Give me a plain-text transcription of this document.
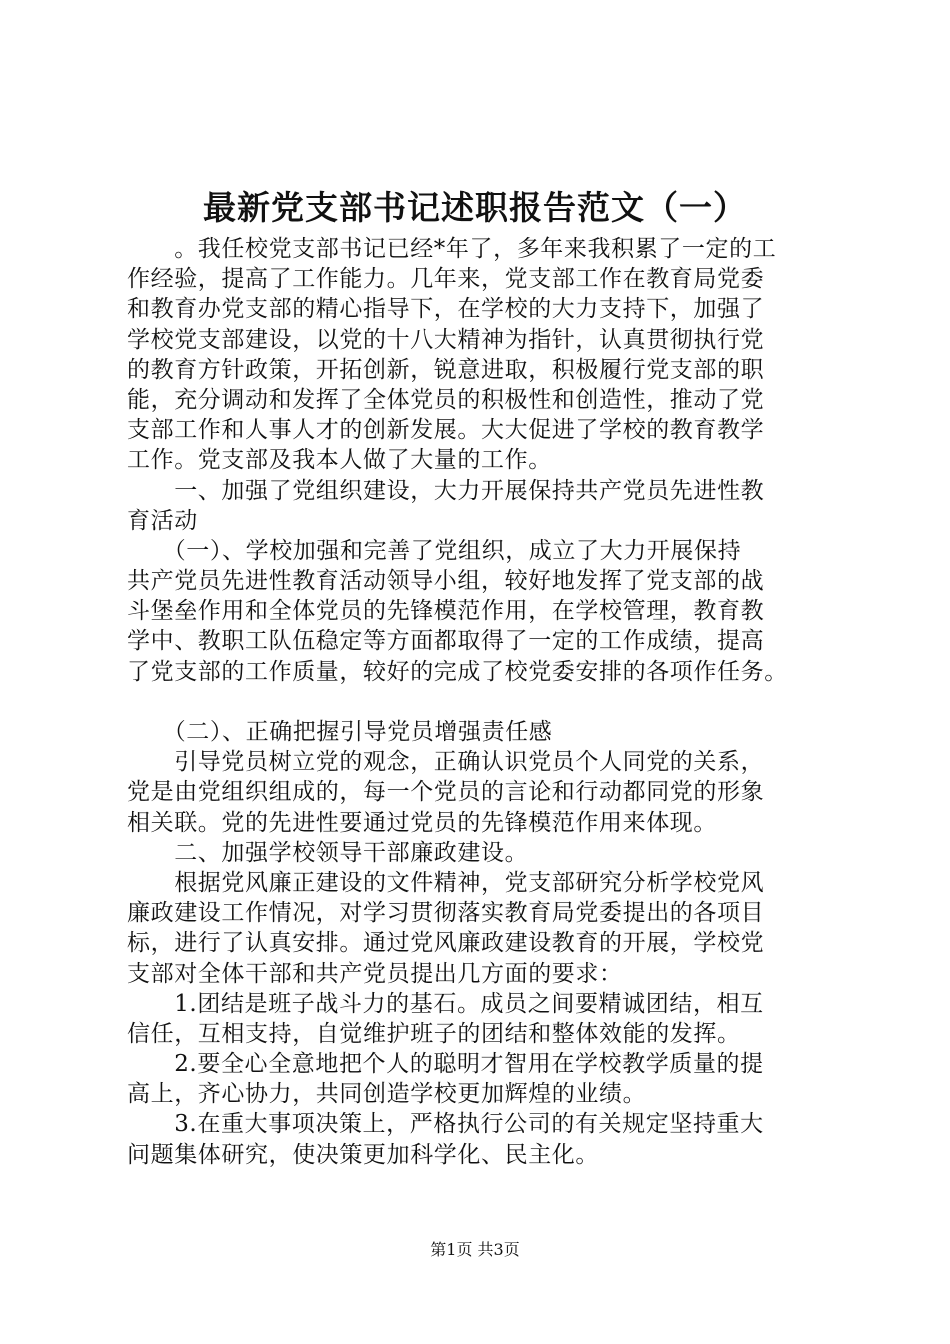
最新党支部书记述职报告范文（一）
　　。我任校党支部书记已经*年了，多年来我积累了一定的工
作经验，提高了工作能力。几年来，党支部工作在教育局党委
和教育办党支部的精心指导下，在学校的大力支持下，加强了
学校党支部建设，以党的十八大精神为指针，认真贯彻执行党
的教育方针政策，开拓创新，锐意进取，积极履行党支部的职
能，充分调动和发挥了全体党员的积极性和创造性，推动了党
支部工作和人事人才的创新发展。大大促进了学校的教育教学
工作。党支部及我本人做了大量的工作。
　　一、加强了党组织建设，大力开展保持共产党员先进性教
育活动
　　（一）、学校加强和完善了党组织，成立了大力开展保持
共产党员先进性教育活动领导小组，较好地发挥了党支部的战
斗堡垒作用和全体党员的先锋模范作用，在学校管理，教育教
学中、教职工队伍稳定等方面都取得了一定的工作成绩，提高
了党支部的工作质量，较好的完成了校党委安排的各项作任务。
　　（二）、正确把握引导党员增强责任感
　　引导党员树立党的观念，正确认识党员个人同党的关系，
党是由党组织组成的，每一个党员的言论和行动都同党的形象
相关联。党的先进性要通过党员的先锋模范作用来体现。
　　二、加强学校领导干部廉政建设。
　　根据党风廉正建设的文件精神，党支部研究分析学校党风
廉政建设工作情况，对学习贯彻落实教育局党委提出的各项目
标，进行了认真安排。通过党风廉政建设教育的开展，学校党
支部对全体干部和共产党员提出几方面的要求：
　　1.团结是班子战斗力的基石。成员之间要精诚团结，相互
信任，互相支持，自觉维护班子的团结和整体效能的发挥。
　　2.要全心全意地把个人的聪明才智用在学校教学质量的提
高上，齐心协力，共同创造学校更加辉煌的业绩。
　　3.在重大事项决策上，严格执行公司的有关规定坚持重大
问题集体研究，使决策更加科学化、民主化。
第1页 共3页
